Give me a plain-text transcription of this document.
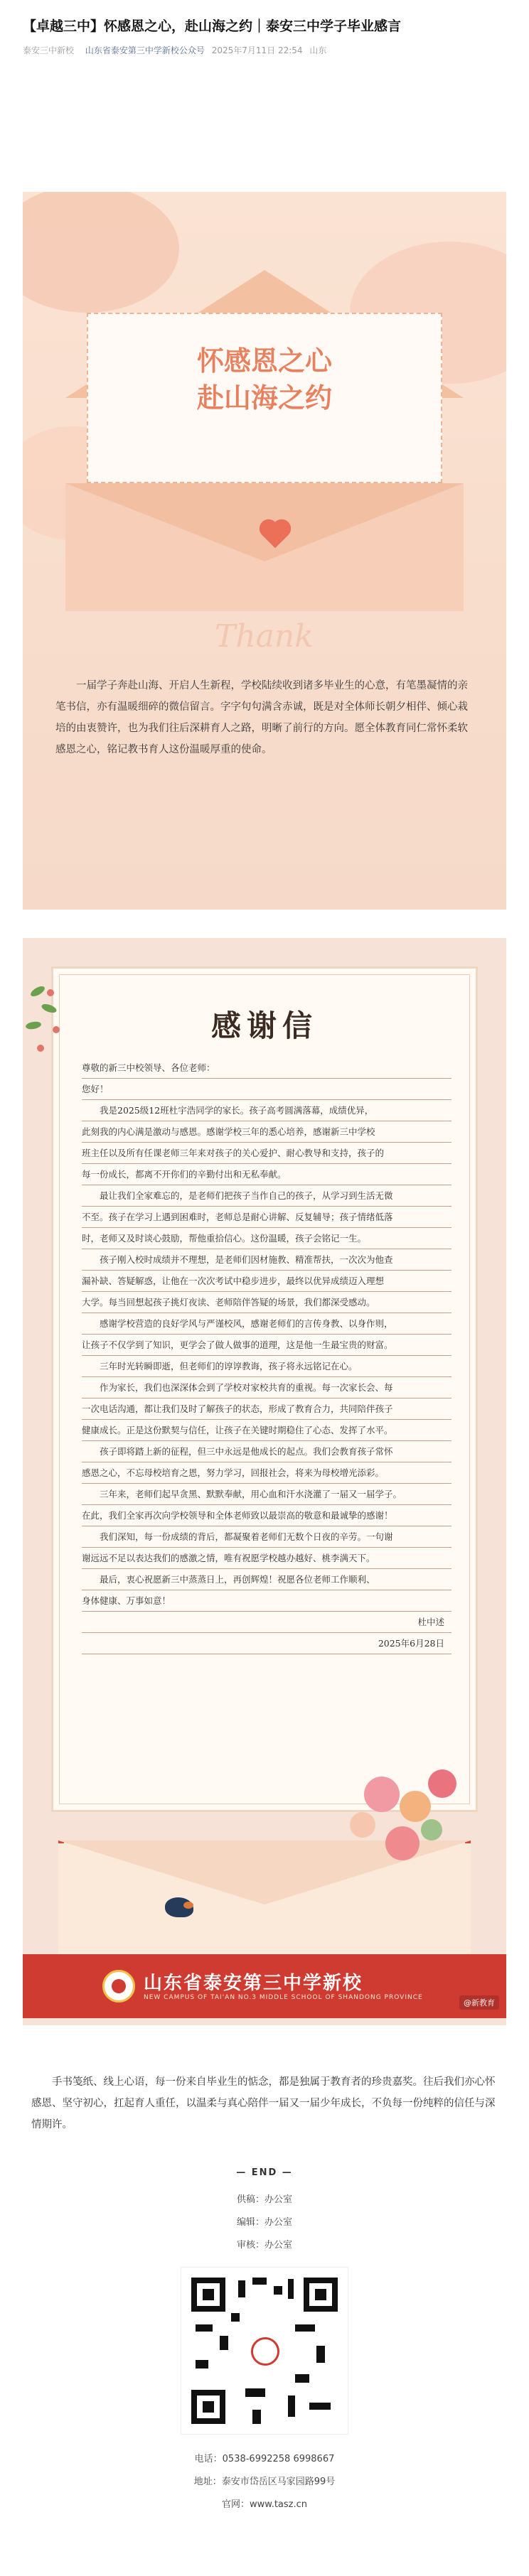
【卓越三中】怀感恩之心，赴山海之约｜泰安三中学子毕业感言
泰安三中新校 山东省泰安第三中学新校公众号 2025年7月11日 22:54 山东
怀感恩之心
赴山海之约
Thank
一届学子奔赴山海、开启人生新程，学校陆续收到诸多毕业生的心意，有笔墨凝情的亲笔书信，亦有温暖细碎的微信留言。字字句句满含赤诚，既是对全体师长朝夕相伴、倾心栽培的由衷赞许，也为我们往后深耕育人之路，明晰了前行的方向。愿全体教育同仁常怀柔软感恩之心，铭记教书育人这份温暖厚重的使命。
感谢信
尊敬的新三中校领导、各位老师：
您好！
　　我是2025级12班杜宇浩同学的家长。孩子高考圆满落幕，成绩优异，
此刻我的内心满是激动与感恩。感谢学校三年的悉心培养，感谢新三中学校
班主任以及所有任课老师三年来对孩子的关心爱护、耐心教导和支持，孩子的
每一份成长，都离不开你们的辛勤付出和无私奉献。
　　最让我们全家难忘的，是老师们把孩子当作自己的孩子，从学习到生活无微
不至。孩子在学习上遇到困难时，老师总是耐心讲解、反复辅导；孩子情绪低落
时，老师又及时谈心鼓励，帮他重拾信心。这份温暖，孩子会铭记一生。
　　孩子刚入校时成绩并不理想，是老师们因材施教、精准帮扶，一次次为他查
漏补缺、答疑解惑，让他在一次次考试中稳步进步，最终以优异成绩迈入理想
大学。每当回想起孩子挑灯夜读、老师陪伴答疑的场景，我们都深受感动。
　　感谢学校营造的良好学风与严谨校风，感谢老师们的言传身教、以身作则，
让孩子不仅学到了知识，更学会了做人做事的道理，这是他一生最宝贵的财富。
　　三年时光转瞬即逝，但老师们的谆谆教诲，孩子将永远铭记在心。
　　作为家长，我们也深深体会到了学校对家校共育的重视。每一次家长会、每
一次电话沟通，都让我们及时了解孩子的状态，形成了教育合力，共同陪伴孩子
健康成长。正是这份默契与信任，让孩子在关键时期稳住了心态、发挥了水平。
　　孩子即将踏上新的征程，但三中永远是他成长的起点。我们会教育孩子常怀
感恩之心，不忘母校培育之恩，努力学习，回报社会，将来为母校增光添彩。
　　三年来，老师们起早贪黑、默默奉献，用心血和汗水浇灌了一届又一届学子。
在此，我们全家再次向学校领导和全体老师致以最崇高的敬意和最诚挚的感谢！
　　我们深知，每一份成绩的背后，都凝聚着老师们无数个日夜的辛劳。一句谢
谢远远不足以表达我们的感激之情，唯有祝愿学校越办越好、桃李满天下。
　　最后，衷心祝愿新三中蒸蒸日上，再创辉煌！祝愿各位老师工作顺利、
身体健康、万事如意！
杜中述
2025年6月28日
山东省泰安第三中学新校
NEW CAMPUS OF TAI'AN NO.3 MIDDLE SCHOOL OF SHANDONG PROVINCE
@新教育
手书笺纸、线上心语，每一份来自毕业生的惦念，都是独属于教育者的珍贵嘉奖。往后我们亦心怀感恩、坚守初心，扛起育人重任，以温柔与真心陪伴一届又一届少年成长，不负每一份纯粹的信任与深情期许。
— END —
供稿：办公室
编辑：办公室
审核：办公室
电话：0538-6992258 6998667
地址：泰安市岱岳区马家园路99号
官网：www.tasz.cn
